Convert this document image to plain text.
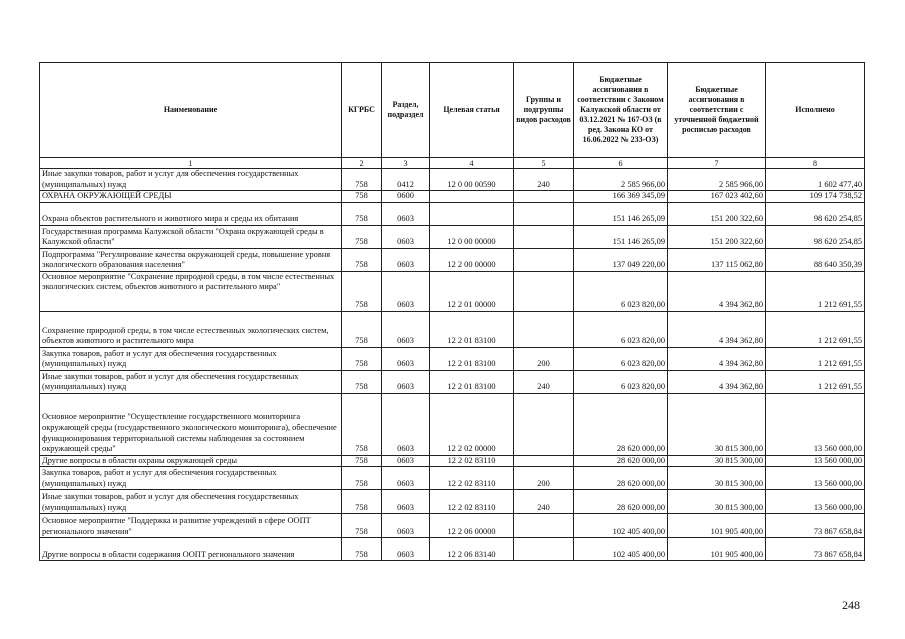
Наименование	КГРБС	Раздел, подраздел	Целевая статья	Группы и подгруппы видов расходов	Бюджетные ассигнования в соответствии с Законом Калужской области от 03.12.2021 № 167-ОЗ (в ред. Закона КО от 16.06.2022 № 233-ОЗ)	Бюджетные ассигнования в соответствии с уточненной бюджетной росписью расходов	Исполнено
1	2	3	4	5	6	7	8
Иные закупки товаров, работ и услуг для обеспечения государственных (муниципальных) нужд	758	0412	12 0 00 00590	240	2 585 966,00	2 585 966,00	1 602 477,40
ОХРАНА ОКРУЖАЮЩЕЙ СРЕДЫ	758	0600			166 369 345,09	167 023 402,60	109 174 738,52
Охрана объектов растительного и животного мира и среды их обитания	758	0603			151 146 265,09	151 200 322,60	98 620 254,85
Государственная программа Калужской области "Охрана окружающей среды в Калужской области"	758	0603	12 0 00 00000		151 146 265,09	151 200 322,60	98 620 254,85
Подпрограмма "Регулирование качества окружающей среды, повышение уровня экологического образования населения"	758	0603	12 2 00 00000		137 049 220,00	137 115 062,80	88 640 350,39
Основное мероприятие "Сохранение природной среды, в том числе естественных экологических систем, объектов животного и растительного мира"	758	0603	12 2 01 00000		6 023 820,00	4 394 362,80	1 212 691,55
Сохранение природной среды, в том числе естественных экологических систем, объектов животного и растительного мира	758	0603	12 2 01 83100		6 023 820,00	4 394 362,80	1 212 691,55
Закупка товаров, работ и услуг для обеспечения государственных (муниципальных) нужд	758	0603	12 2 01 83100	200	6 023 820,00	4 394 362,80	1 212 691,55
Иные закупки товаров, работ и услуг для обеспечения государственных (муниципальных) нужд	758	0603	12 2 01 83100	240	6 023 820,00	4 394 362,80	1 212 691,55
Основное мероприятие "Осуществление государственного мониторинга окружающей среды (государственного экологического мониторинга), обеспечение функционирования территориальной системы наблюдения за состоянием окружающей среды"	758	0603	12 2 02 00000		28 620 000,00	30 815 300,00	13 560 000,00
Другие вопросы в области охраны окружающей среды	758	0603	12 2 02 83110		28 620 000,00	30 815 300,00	13 560 000,00
Закупка товаров, работ и услуг для обеспечения государственных (муниципальных) нужд	758	0603	12 2 02 83110	200	28 620 000,00	30 815 300,00	13 560 000,00
Иные закупки товаров, работ и услуг для обеспечения государственных (муниципальных) нужд	758	0603	12 2 02 83110	240	28 620 000,00	30 815 300,00	13 560 000,00
Основное мероприятие "Поддержка и развитие учреждений в сфере ООПТ регионального значения"	758	0603	12 2 06 00000		102 405 400,00	101 905 400,00	73 867 658,84
Другие вопросы в области содержания ООПТ регионального значения	758	0603	12 2 06 83140		102 405 400,00	101 905 400,00	73 867 658,84
248
